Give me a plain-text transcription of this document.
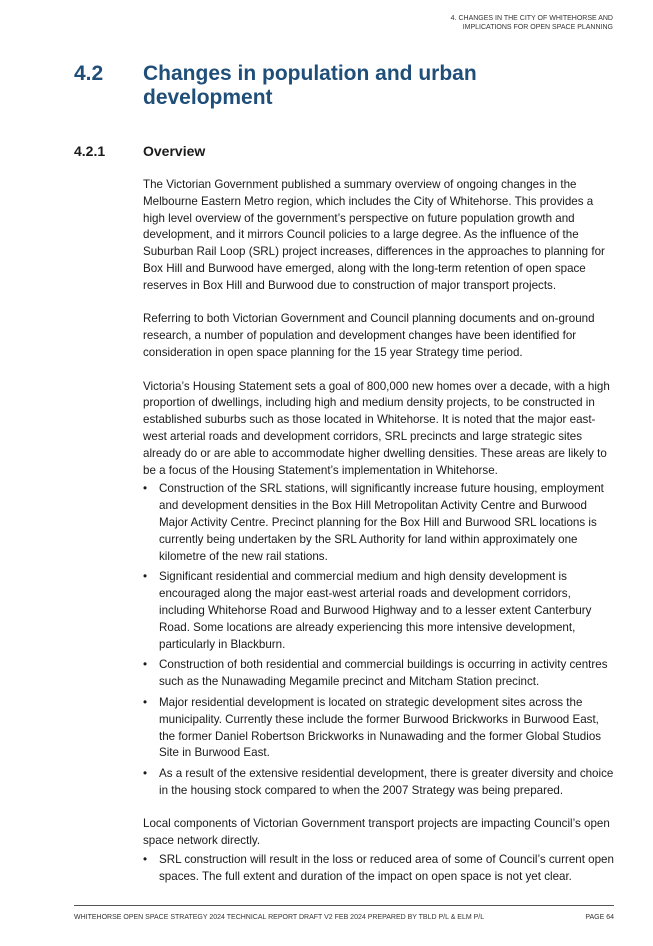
4. CHANGES IN THE CITY OF WHITEHORSE AND
IMPLICATIONS FOR OPEN SPACE PLANNING
4.2 Changes in population and urban development
4.2.1	Overview

The Victorian Government published a summary overview of ongoing changes in the Melbourne Eastern Metro region, which includes the City of Whitehorse. This provides a high level overview of the government’s perspective on future population growth and development, and it mirrors Council policies to a large degree. As the influence of the Suburban Rail Loop (SRL) project increases, differences in the approaches to planning for Box Hill and Burwood have emerged, along with the long-term retention of open space reserves in Box Hill and Burwood due to construction of major transport projects.

Referring to both Victorian Government and Council planning documents and on-ground research, a number of population and development changes have been identified for consideration in open space planning for the 15 year Strategy time period.

Victoria’s Housing Statement sets a goal of 800,000 new homes over a decade, with a high proportion of dwellings, including high and medium density projects, to be constructed in established suburbs such as those located in Whitehorse. It is noted that the major east-west arterial roads and development corridors, SRL precincts and large strategic sites already do or are able to accommodate higher dwelling densities. These areas are likely to be a focus of the Housing Statement’s implementation in Whitehorse.

• Construction of the SRL stations, will significantly increase future housing, employment and development densities in the Box Hill Metropolitan Activity Centre and Burwood Major Activity Centre. Precinct planning for the Box Hill and Burwood SRL locations is currently being undertaken by the SRL Authority for land within approximately one kilometre of the new rail stations.
• Significant residential and commercial medium and high density development is encouraged along the major east-west arterial roads and development corridors, including Whitehorse Road and Burwood Highway and to a lesser extent Canterbury Road. Some locations are already experiencing this more intensive development, particularly in Blackburn.
• Construction of both residential and commercial buildings is occurring in activity centres such as the Nunawading Megamile precinct and Mitcham Station precinct.
• Major residential development is located on strategic development sites across the municipality. Currently these include the former Burwood Brickworks in Burwood East, the former Daniel Robertson Brickworks in Nunawading and the former Global Studios Site in Burwood East.
• As a result of the extensive residential development, there is greater diversity and choice in the housing stock compared to when the 2007 Strategy was being prepared.

Local components of Victorian Government transport projects are impacting Council’s open space network directly.

• SRL construction will result in the loss or reduced area of some of Council’s current open spaces. The full extent and duration of the impact on open space is not yet clear.
WHITEHORSE OPEN SPACE STRATEGY 2024 TECHNICAL REPORT DRAFT V2 FEB 2024 PREPARED BY TBLD P/L & ELM P/L	PAGE 64
